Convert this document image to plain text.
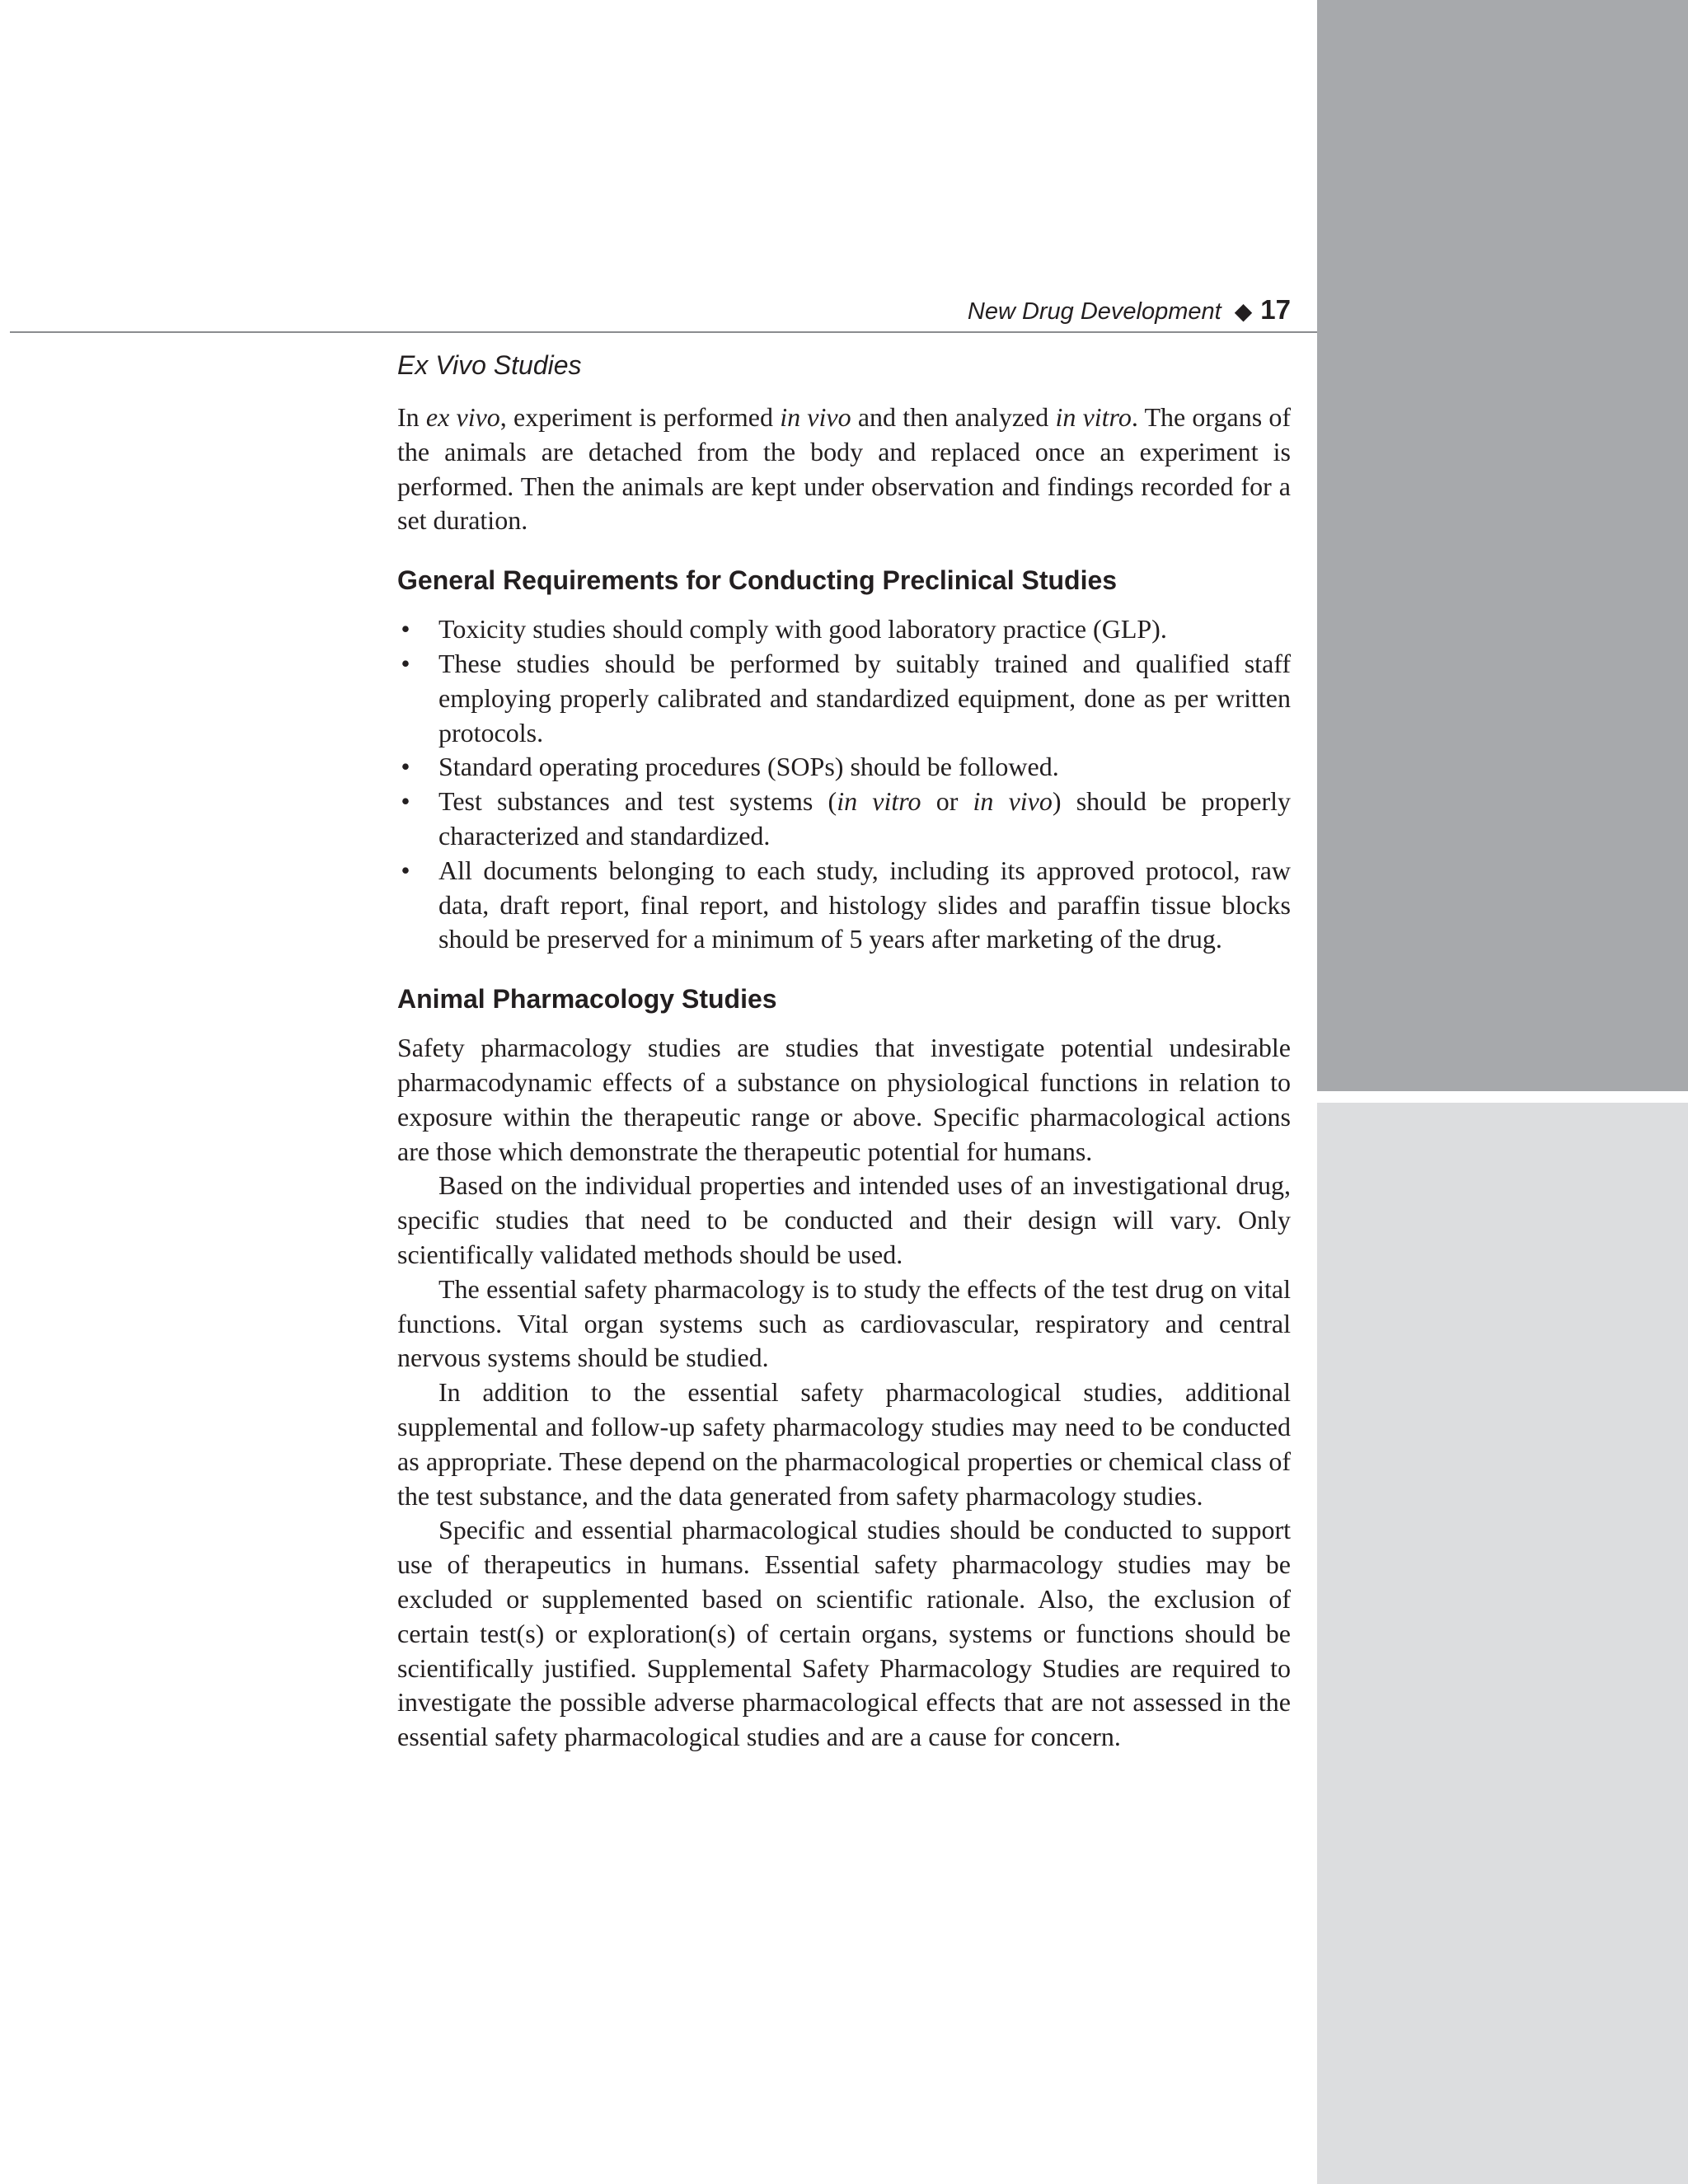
New Drug Development ◆ 17
Ex Vivo Studies

In ex vivo, experiment is performed in vivo and then analyzed in vitro. The organs of the animals are detached from the body and replaced once an experiment is performed. Then the animals are kept under observation and findings recorded for a set duration.

General Requirements for Conducting Preclinical Studies
• Toxicity studies should comply with good laboratory practice (GLP).
• These studies should be performed by suitably trained and qualified staff employing properly calibrated and standardized equipment, done as per written protocols.
• Standard operating procedures (SOPs) should be followed.
• Test substances and test systems (in vitro or in vivo) should be properly characterized and standardized.
• All documents belonging to each study, including its approved protocol, raw data, draft report, final report, and histology slides and paraffin tissue blocks should be preserved for a minimum of 5 years after marketing of the drug.
Animal Pharmacology Studies

Safety pharmacology studies are studies that investigate potential undesirable pharmacodynamic effects of a substance on physiological functions in relation to exposure within the therapeutic range or above. Specific pharmacological actions are those which demonstrate the therapeutic potential for humans.

Based on the individual properties and intended uses of an investigational drug, specific studies that need to be conducted and their design will vary. Only scientifically validated methods should be used.

The essential safety pharmacology is to study the effects of the test drug on vital functions. Vital organ systems such as cardiovascular, respiratory and central nervous systems should be studied.

In addition to the essential safety pharmacological studies, additional supplemental and follow-up safety pharmacology studies may need to be conducted as appropriate. These depend on the pharmacological properties or chemical class of the test substance, and the data generated from safety pharmacology studies.

Specific and essential pharmacological studies should be conducted to support use of therapeutics in humans. Essential safety pharmacology studies may be excluded or supplemented based on scientific rationale. Also, the exclusion of certain test(s) or exploration(s) of certain organs, systems or functions should be scientifically justified. Supplemental Safety Pharmacology Studies are required to investigate the possible adverse pharmacological effects that are not assessed in the essential safety pharmacological studies and are a cause for concern.
